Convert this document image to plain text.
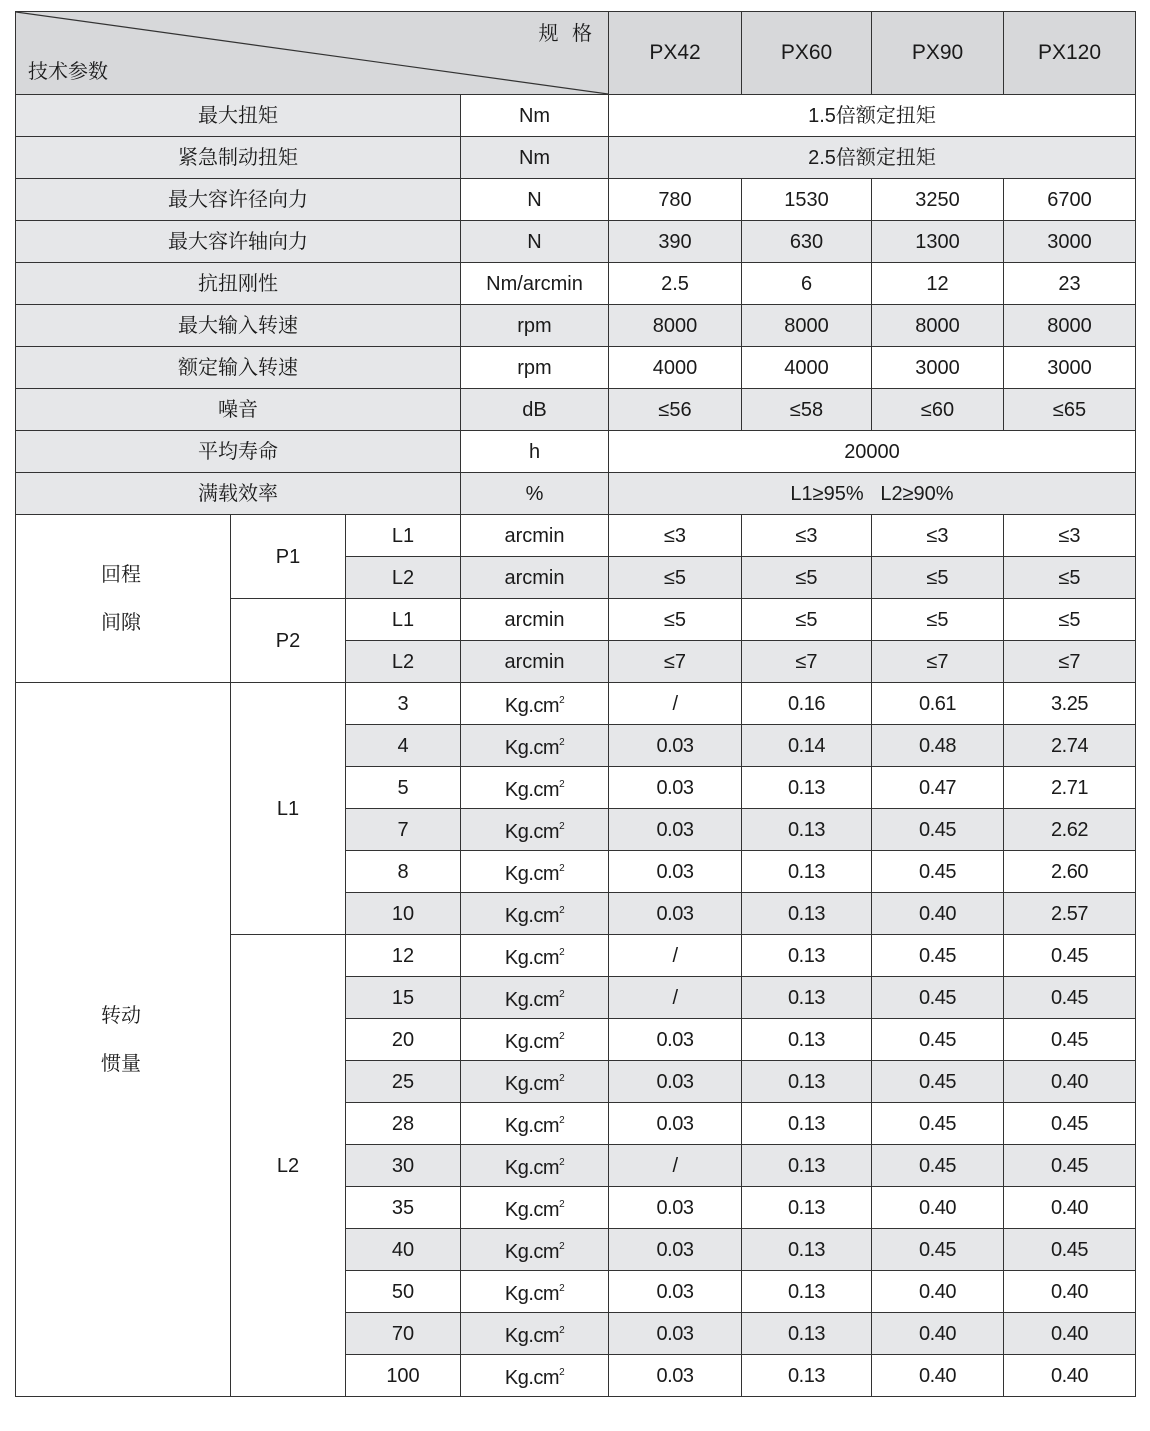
规 格
技术参数				PX42	PX60	PX90	PX120
最大扭矩			Nm	1.5倍额定扭矩			
紧急制动扭矩			Nm	2.5倍额定扭矩			
最大容许径向力			N	780	1530	3250	6700
最大容许轴向力			N	390	630	1300	3000
抗扭刚性			Nm/arcmin	2.5	6	12	23
最大输入转速			rpm	8000	8000	8000	8000
额定输入转速			rpm	4000	4000	3000	3000
噪音			dB	≤56	≤58	≤60	≤65
平均寿命			h	20000			
满载效率			%	L1≥95%   L2≥90%			

回程
间隙	P1	L1	arcmin	≤3	≤3	≤3	≤3
		L2	arcmin	≤5	≤5	≤5	≤5
	P2	L1	arcmin	≤5	≤5	≤5	≤5
		L2	arcmin	≤7	≤7	≤7	≤7

转动
惯量	L1	3	$Kg.cm^2$	/	0.16	0.61	3.25
		4	$Kg.cm^2$	0.03	0.14	0.48	2.74
		5	$Kg.cm^2$	0.03	0.13	0.47	2.71
		7	$Kg.cm^2$	0.03	0.13	0.45	2.62
		8	$Kg.cm^2$	0.03	0.13	0.45	2.60
		10	$Kg.cm^2$	0.03	0.13	0.40	2.57
	L2	12	$Kg.cm^2$	/	0.13	0.45	0.45
		15	$Kg.cm^2$	/	0.13	0.45	0.45
		20	$Kg.cm^2$	0.03	0.13	0.45	0.45
		25	$Kg.cm^2$	0.03	0.13	0.45	0.40
		28	$Kg.cm^2$	0.03	0.13	0.45	0.45
		30	$Kg.cm^2$	/	0.13	0.45	0.45
		35	$Kg.cm^2$	0.03	0.13	0.40	0.40
		40	$Kg.cm^2$	0.03	0.13	0.45	0.45
		50	$Kg.cm^2$	0.03	0.13	0.40	0.40
		70	$Kg.cm^2$	0.03	0.13	0.40	0.40
		100	$Kg.cm^2$	0.03	0.13	0.40	0.40
